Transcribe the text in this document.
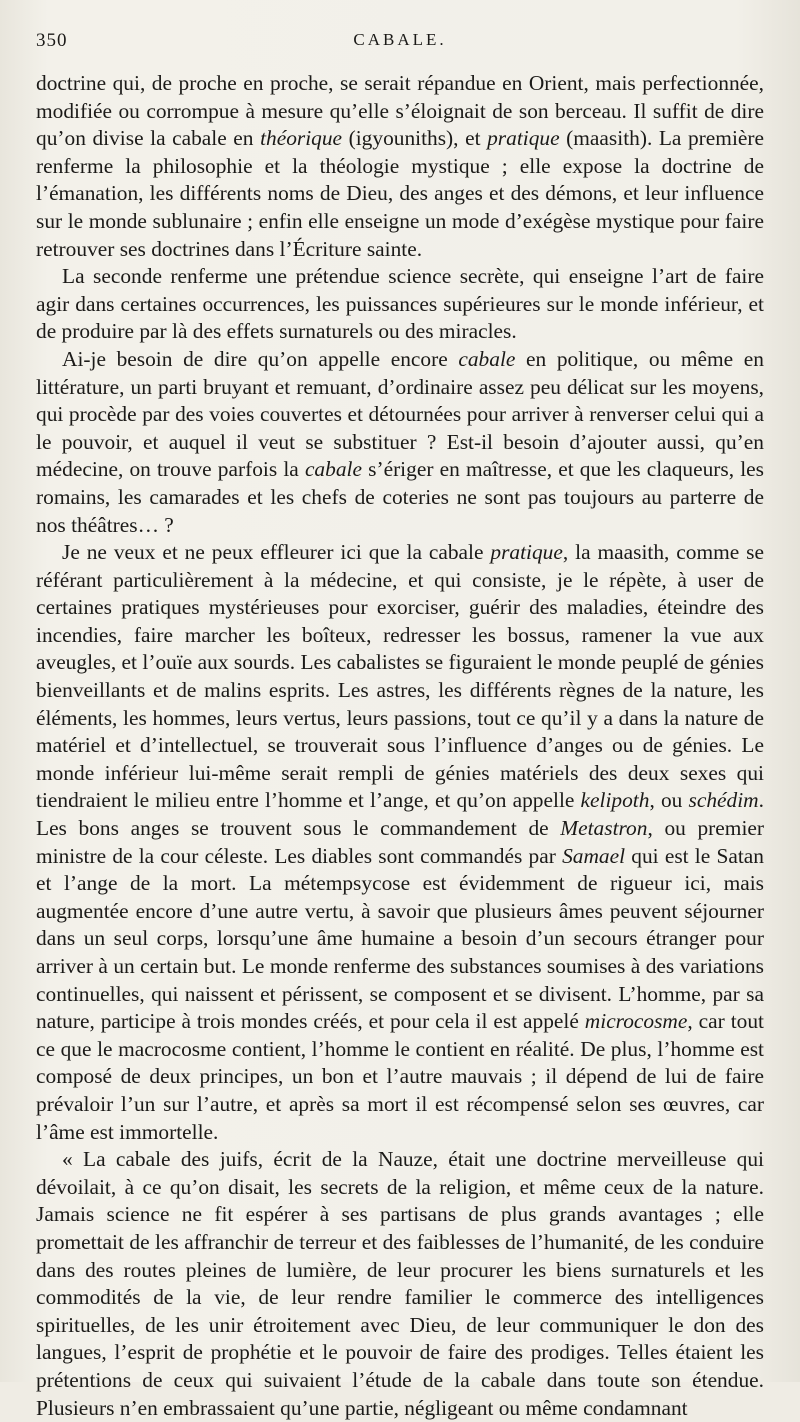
350	CABALE.

doctrine qui, de proche en proche, se serait répandue en Orient, mais perfectionnée, modifiée ou corrompue à mesure qu’elle s’éloignait de son berceau. Il suffit de dire qu’on divise la cabale en théorique (igyouniths), et pratique (maasith). La première renferme la philosophie et la théologie mystique ; elle expose la doctrine de l’émanation, les différents noms de Dieu, des anges et des démons, et leur influence sur le monde sublunaire ; enfin elle enseigne un mode d’exégèse mystique pour faire retrouver ses doctrines dans l’Écriture sainte.

La seconde renferme une prétendue science secrète, qui enseigne l’art de faire agir dans certaines occurrences, les puissances supérieures sur le monde inférieur, et de produire par là des effets surnaturels ou des miracles.

Ai-je besoin de dire qu’on appelle encore cabale en politique, ou même en littérature, un parti bruyant et remuant, d’ordinaire assez peu délicat sur les moyens, qui procède par des voies couvertes et détournées pour arriver à renverser celui qui a le pouvoir, et auquel il veut se substituer ? Est-il besoin d’ajouter aussi, qu’en médecine, on trouve parfois la cabale s’ériger en maîtresse, et que les claqueurs, les romains, les camarades et les chefs de coteries ne sont pas toujours au parterre de nos théâtres… ?

Je ne veux et ne peux effleurer ici que la cabale pratique, la maasith, comme se référant particulièrement à la médecine, et qui consiste, je le répète, à user de certaines pratiques mystérieuses pour exorciser, guérir des maladies, éteindre des incendies, faire marcher les boîteux, redresser les bossus, ramener la vue aux aveugles, et l’ouïe aux sourds. Les cabalistes se figuraient le monde peuplé de génies bienveillants et de malins esprits. Les astres, les différents règnes de la nature, les éléments, les hommes, leurs vertus, leurs passions, tout ce qu’il y a dans la nature de matériel et d’intellectuel, se trouverait sous l’influence d’anges ou de génies. Le monde inférieur lui-même serait rempli de génies matériels des deux sexes qui tiendraient le milieu entre l’homme et l’ange, et qu’on appelle kelipoth, ou schédim. Les bons anges se trouvent sous le commandement de Metastron, ou premier ministre de la cour céleste. Les diables sont commandés par Samael qui est le Satan et l’ange de la mort. La métempsycose est évidemment de rigueur ici, mais augmentée encore d’une autre vertu, à savoir que plusieurs âmes peuvent séjourner dans un seul corps, lorsqu’une âme humaine a besoin d’un secours étranger pour arriver à un certain but. Le monde renferme des substances soumises à des variations continuelles, qui naissent et périssent, se composent et se divisent. L’homme, par sa nature, participe à trois mondes créés, et pour cela il est appelé microcosme, car tout ce que le macrocosme contient, l’homme le contient en réalité. De plus, l’homme est composé de deux principes, un bon et l’autre mauvais ; il dépend de lui de faire prévaloir l’un sur l’autre, et après sa mort il est récompensé selon ses œuvres, car l’âme est immortelle.

« La cabale des juifs, écrit de la Nauze, était une doctrine merveilleuse qui dévoilait, à ce qu’on disait, les secrets de la religion, et même ceux de la nature. Jamais science ne fit espérer à ses partisans de plus grands avantages ; elle promettait de les affranchir de terreur et des faiblesses de l’humanité, de les conduire dans des routes pleines de lumière, de leur procurer les biens surnaturels et les commodités de la vie, de leur rendre familier le commerce des intelligences spirituelles, de les unir étroitement avec Dieu, de leur communiquer le don des langues, l’esprit de prophétie et le pouvoir de faire des prodiges. Telles étaient les prétentions de ceux qui suivaient l’étude de la cabale dans toute son étendue. Plusieurs n’en embrassaient qu’une partie, négligeant ou même condamnant
